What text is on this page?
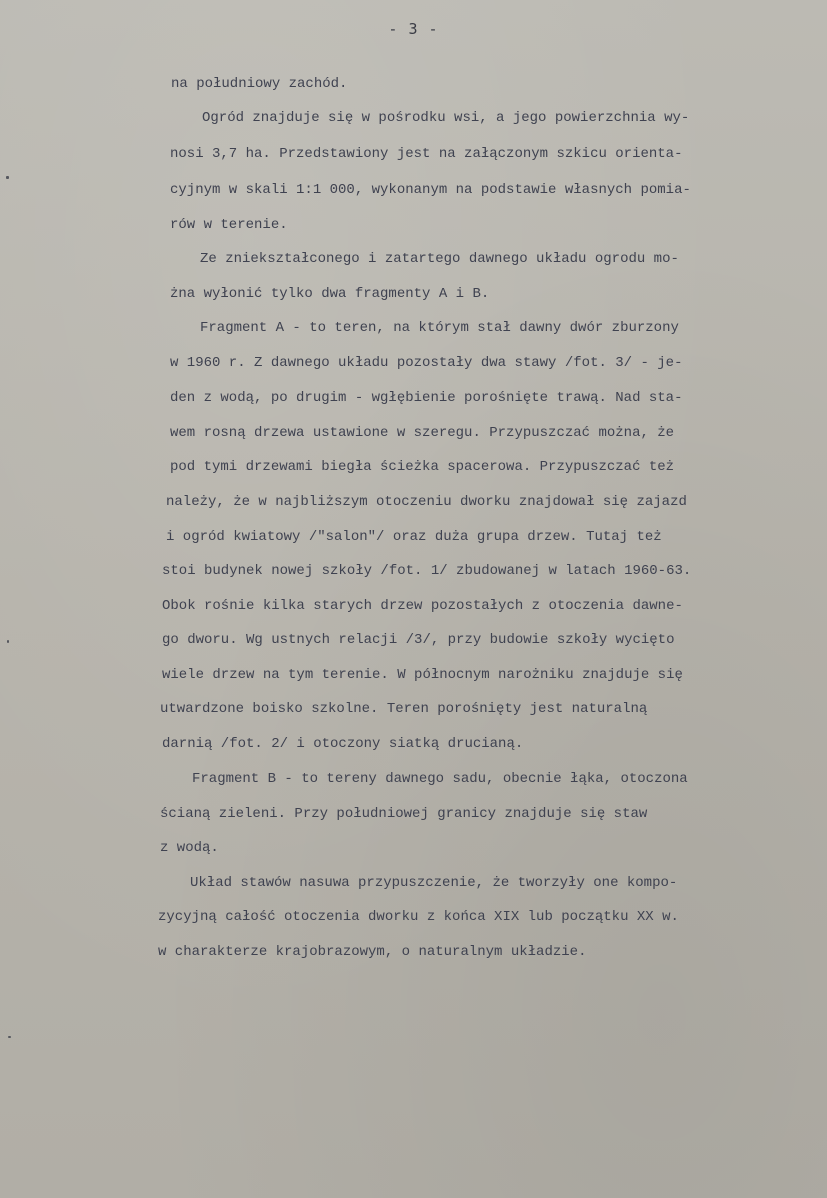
- 3 -
na południowy zachód.
Ogród znajduje się w pośrodku wsi, a jego powierzchnia wy-
nosi 3,7 ha. Przedstawiony jest na załączonym szkicu orienta-
cyjnym w skali 1:1 000, wykonanym na podstawie własnych pomia-
rów w terenie.
Ze zniekształconego i zatartego dawnego układu ogrodu mo-
żna wyłonić tylko dwa fragmenty A i B.
Fragment A - to teren, na którym stał dawny dwór zburzony
w 1960 r. Z dawnego układu pozostały dwa stawy /fot. 3/ - je-
den z wodą, po drugim - wgłębienie porośnięte trawą. Nad sta-
wem rosną drzewa ustawione w szeregu. Przypuszczać można, że
pod tymi drzewami biegła ścieżka spacerowa. Przypuszczać też
należy, że w najbliższym otoczeniu dworku znajdował się zajazd
i ogród kwiatowy /"salon"/ oraz duża grupa drzew. Tutaj też
stoi budynek nowej szkoły /fot. 1/ zbudowanej w latach 1960-63.
Obok rośnie kilka starych drzew pozostałych z otoczenia dawne-
go dworu. Wg ustnych relacji /3/, przy budowie szkoły wycięto
wiele drzew na tym terenie. W północnym narożniku znajduje się
utwardzone boisko szkolne. Teren porośnięty jest naturalną
darnią /fot. 2/ i otoczony siatką drucianą.
Fragment B - to tereny dawnego sadu, obecnie łąka, otoczona
ścianą zieleni. Przy południowej granicy znajduje się staw
z wodą.
Układ stawów nasuwa przypuszczenie, że tworzyły one kompo-
zycyjną całość otoczenia dworku z końca XIX lub początku XX w.
w charakterze krajobrazowym, o naturalnym układzie.
